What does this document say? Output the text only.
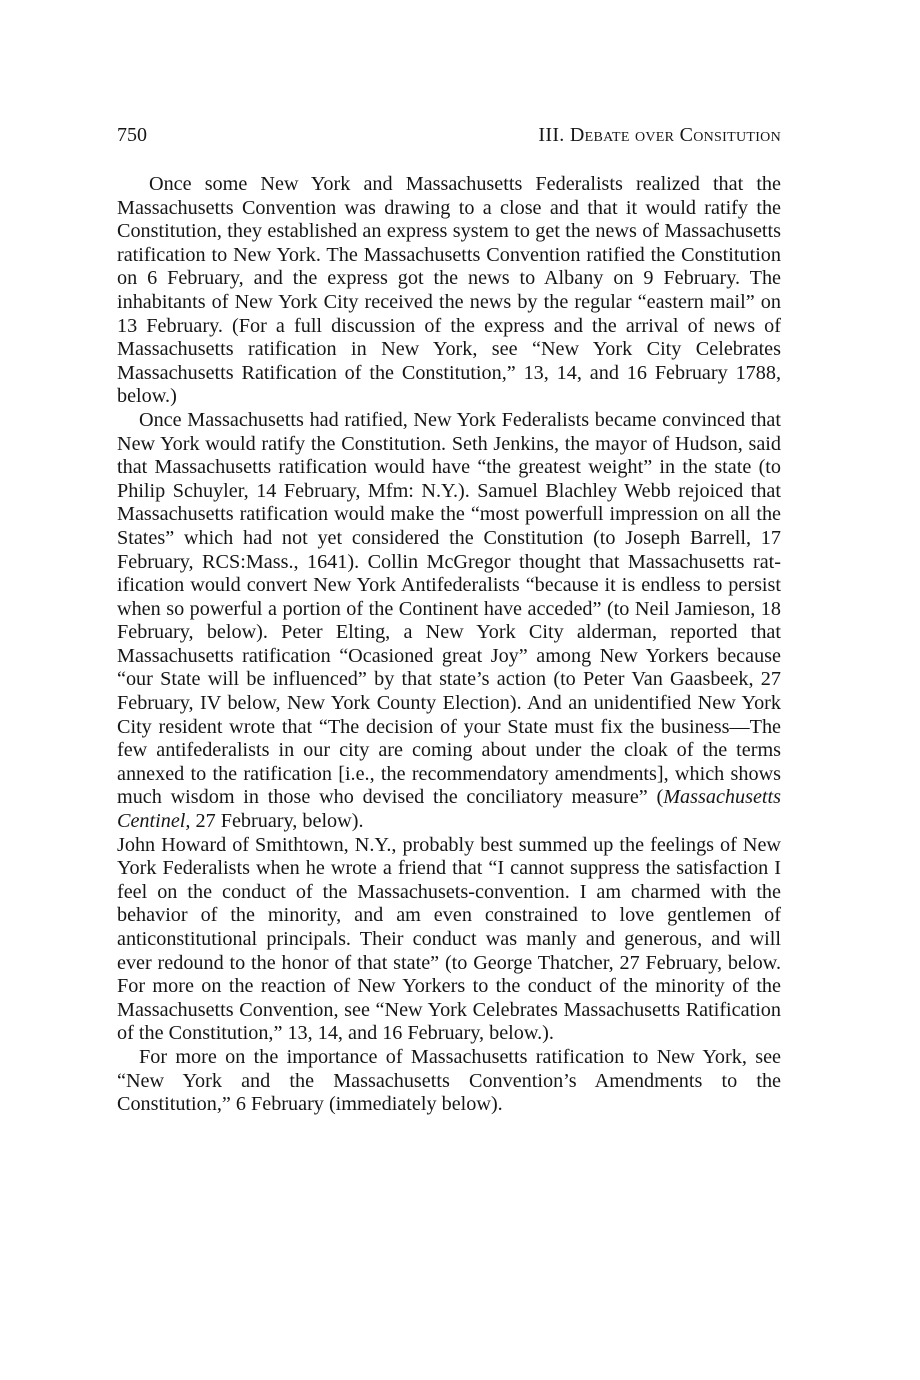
750	III. Debate over Consitution

Once some New York and Massachusetts Federalists realized that the Massachusetts Convention was drawing to a close and that it would ratify the Constitution, they established an express system to get the news of Massachusetts ratification to New York. The Massachusetts Convention ratified the Constitution on 6 February, and the express got the news to Albany on 9 February. The inhabitants of New York City received the news by the regular “eastern mail” on 13 February. (For a full discussion of the express and the arrival of news of Massachusetts ratification in New York, see “New York City Celebrates Massachusetts Ratification of the Constitution,” 13, 14, and 16 February 1788, below.)

Once Massachusetts had ratified, New York Federalists became convinced that New York would ratify the Constitution. Seth Jenkins, the mayor of Hudson, said that Massachusetts ratification would have “the greatest weight” in the state (to Philip Schuyler, 14 February, Mfm: N.Y.). Samuel Blachley Webb rejoiced that Massachusetts ratification would make the “most powerfull impression on all the States” which had not yet considered the Constitution (to Joseph Barrell, 17 February, RCS:Mass., 1641). Collin McGregor thought that Massachusetts ratification would convert New York Antifederalists “because it is endless to persist when so powerful a portion of the Continent have acceded” (to Neil Jamieson, 18 February, below). Peter Elting, a New York City alderman, reported that Massachusetts ratification “Ocasioned great Joy” among New Yorkers because “our State will be influenced” by that state’s action (to Peter Van Gaasbeek, 27 February, IV below, New York County Election). And an unidentified New York City resident wrote that “The decision of your State must fix the business—The few antifederalists in our city are coming about under the cloak of the terms annexed to the ratification [i.e., the recommendatory amendments], which shows much wisdom in those who devised the conciliatory measure” (Massachusetts Centinel, 27 February, below).

John Howard of Smithtown, N.Y., probably best summed up the feelings of New York Federalists when he wrote a friend that “I cannot suppress the satisfaction I feel on the conduct of the Massachusets-convention. I am charmed with the behavior of the minority, and am even constrained to love gentlemen of anticonstitutional principals. Their conduct was manly and generous, and will ever redound to the honor of that state” (to George Thatcher, 27 February, below. For more on the reaction of New Yorkers to the conduct of the minority of the Massachusetts Convention, see “New York Celebrates Massachusetts Ratification of the Constitution,” 13, 14, and 16 February, below.).

For more on the importance of Massachusetts ratification to New York, see “New York and the Massachusetts Convention’s Amendments to the Constitution,” 6 February (immediately below).
